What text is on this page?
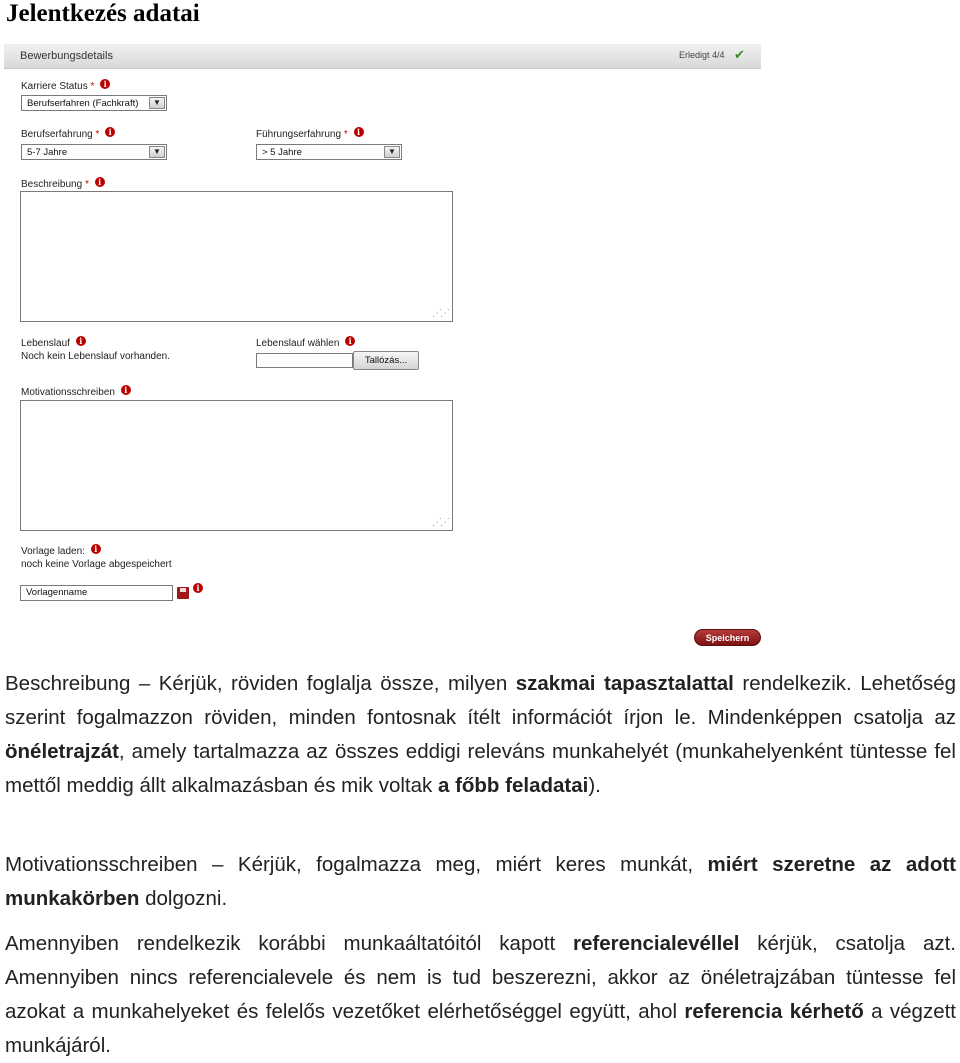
Jelentkezés adatai
Bewerbungsdetails	Erledigt 4/4 ✔
Karriere Status * i
Berufserfahren (Fachkraft)	▼
Berufserfahrung * i
5-7 Jahre	▼
Führungserfahrung * i
> 5 Jahre	▼
Beschreibung * i
⋰⋰
Lebenslauf i
Noch kein Lebenslauf vorhanden.
Lebenslauf wählen i
Tallózás...
Motivationsschreiben i
⋰⋰
Vorlage laden: i
noch keine Vorlage abgespeichert
Vorlagenname	i
Speichern
Beschreibung – Kérjük, röviden foglalja össze, milyen szakmai tapasztalattal rendelkezik. Lehetőség szerint fogalmazzon röviden, minden fontosnak ítélt információt írjon le. Mindenképpen csatolja az önéletrajzát, amely tartalmazza az összes eddigi releváns munkahelyét (munkahelyenként tüntesse fel mettől meddig állt alkalmazásban és mik voltak a főbb feladatai).
Motivationsschreiben – Kérjük, fogalmazza meg, miért keres munkát, miért szeretne az adott munkakörben dolgozni.
Amennyiben rendelkezik korábbi munkaáltatóitól kapott referencialevéllel kérjük, csatolja azt. Amennyiben nincs referencialevele és nem is tud beszerezni, akkor az önéletrajzában tüntesse fel azokat a munkahelyeket és felelős vezetőket elérhetőséggel együtt, ahol referencia kérhető a végzett munkájáról.
